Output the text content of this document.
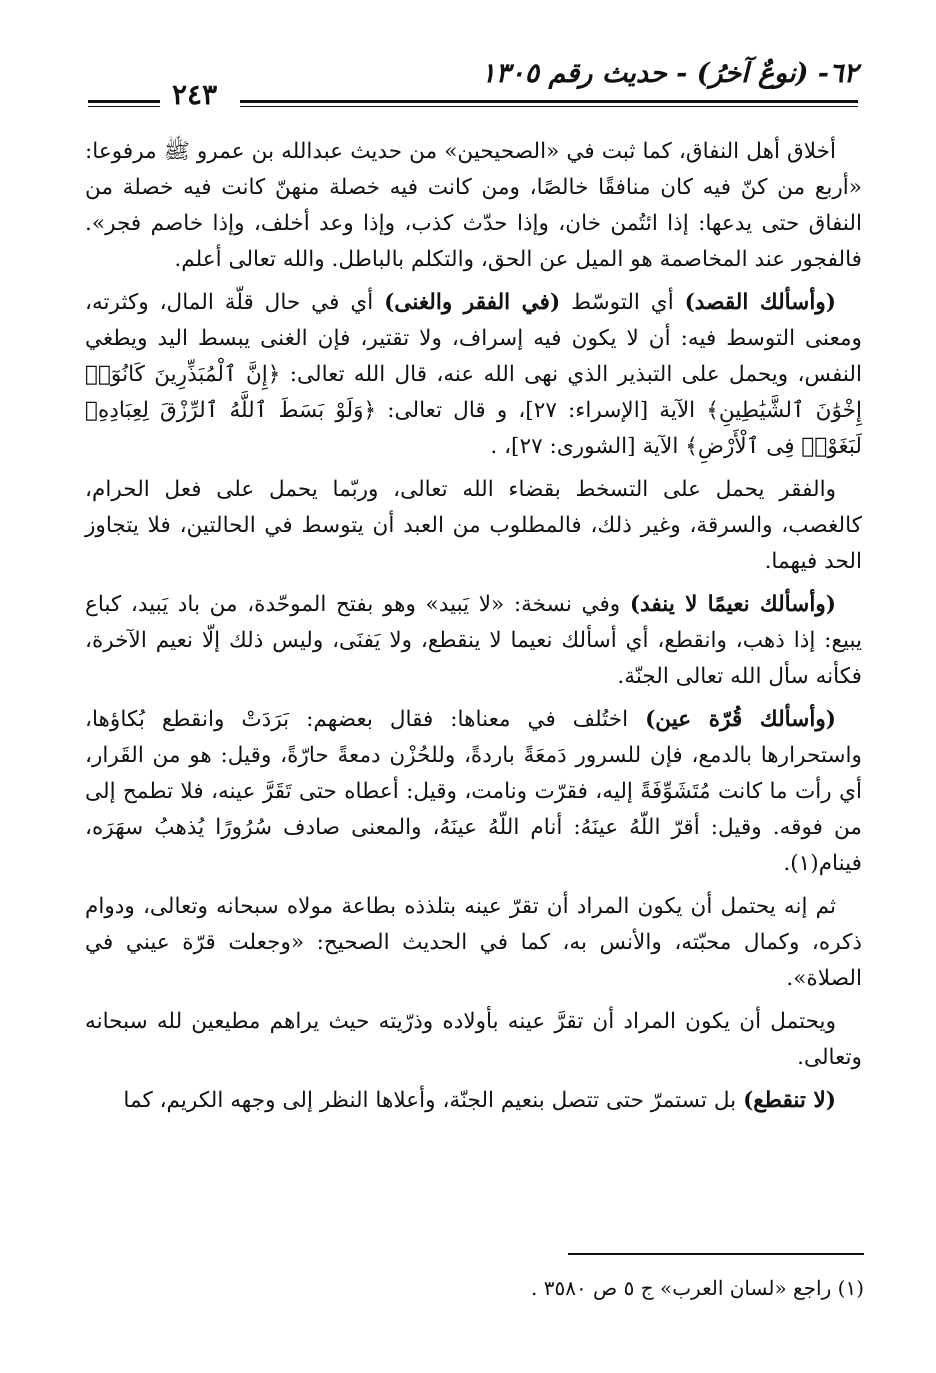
٦٢- (نوعٌ آخرُ) - حديث رقم ١٣٠٥
٢٤٣

أخلاق أهل النفاق، كما ثبت في «الصحيحين» من حديث عبدالله بن عمرو ﷺ مرفوعا: «أربع من كنّ فيه كان منافقًا خالصًا، ومن كانت فيه خصلة منهنّ كانت فيه خصلة من النفاق حتى يدعها: إذا ائتُمن خان، وإذا حدّث كذب، وإذا وعد أخلف، وإذا خاصم فجر». فالفجور عند المخاصمة هو الميل عن الحق، والتكلم بالباطل. والله تعالى أعلم.

(وأسألك القصد) أي التوسّط (في الفقر والغنى) أي في حال قلّة المال، وكثرته، ومعنى التوسط فيه: أن لا يكون فيه إسراف، ولا تقتير، فإن الغنى يبسط اليد ويطغي النفس، ويحمل على التبذير الذي نهى الله عنه، قال الله تعالى: ﴿إِنَّ ٱلْمُبَذِّرِينَ كَانُوٓا۟ إِخْوَٰنَ ٱلشَّيَٰطِينِ﴾ الآية [الإسراء: ٢٧]، و قال تعالى: ﴿وَلَوْ بَسَطَ ٱللَّهُ ٱلرِّزْقَ لِعِبَادِهِۦ لَبَغَوْا۟ فِى ٱلْأَرْضِ﴾ الآية [الشورى: ٢٧]، .

والفقر يحمل على التسخط بقضاء الله تعالى، وربّما يحمل على فعل الحرام، كالغصب، والسرقة، وغير ذلك، فالمطلوب من العبد أن يتوسط في الحالتين، فلا يتجاوز الحد فيهما.

(وأسألك نعيمًا لا ينفد) وفي نسخة: «لا يَبيد» وهو بفتح الموحّدة، من باد يَبيد، كباع يبيع: إذا ذهب، وانقطع، أي أسألك نعيما لا ينقطع، ولا يَفنَى، وليس ذلك إلّا نعيم الآخرة، فكأنه سأل الله تعالى الجنّة.

(وأسألك قُرّة عين) اختُلف في معناها: فقال بعضهم: بَرَدَتْ وانقطع بُكاؤها، واستحرارها بالدمع، فإن للسرور دَمعَةً باردةً، وللحُزْن دمعةً حارّةً، وقيل: هو من القَرار، أي رأت ما كانت مُتَشَوِّفَةً إليه، فقرّت ونامت، وقيل: أعطاه حتى تَقَرَّ عينه، فلا تطمح إلى من فوقه. وقيل: أقرّ اللّهُ عينَهُ: أنام اللّهُ عينَهُ، والمعنى صادف سُرُورًا يُذهبُ سهَرَه، فينام(١).

ثم إنه يحتمل أن يكون المراد أن تقرّ عينه بتلذذه بطاعة مولاه سبحانه وتعالى، ودوام ذكره، وكمال محبّته، والأنس به، كما في الحديث الصحيح: «وجعلت قرّة عيني في الصلاة».

ويحتمل أن يكون المراد أن تقرَّ عينه بأولاده وذرّيته حيث يراهم مطيعين لله سبحانه وتعالى.

(لا تنقطع) بل تستمرّ حتى تتصل بنعيم الجنّة، وأعلاها النظر إلى وجهه الكريم، كما

(١) راجع «لسان العرب» ج ٥ ص ٣٥٨٠ .
